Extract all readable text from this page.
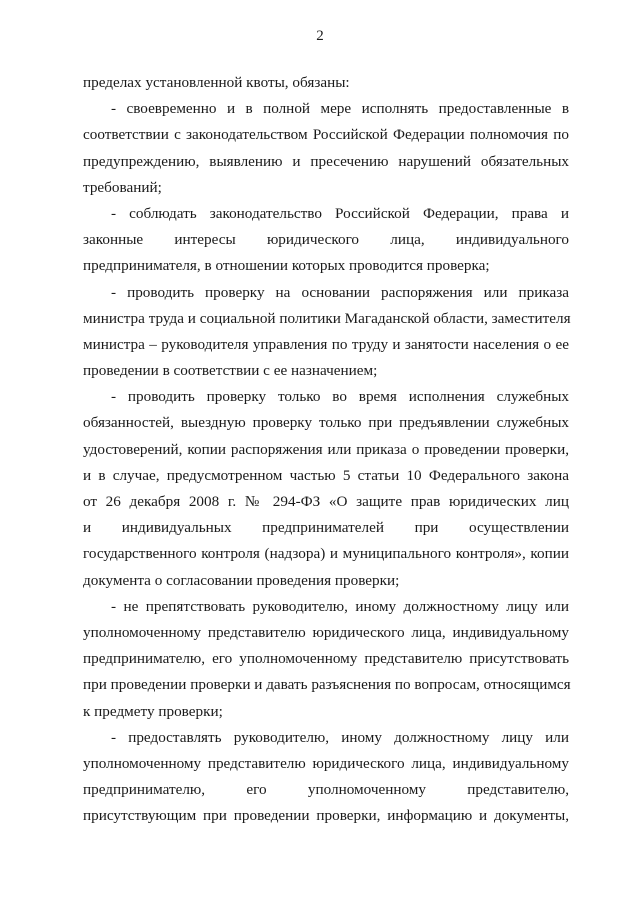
2
пределах установленной квоты, обязаны:
- своевременно и в полной мере исполнять предоставленные в
соответствии с законодательством Российской Федерации полномочия по
предупреждению, выявлению и пресечению нарушений обязательных
требований;
- соблюдать законодательство Российской Федерации, права и
законные интересы юридического лица, индивидуального
предпринимателя, в отношении которых проводится проверка;
- проводить проверку на основании распоряжения или приказа
министра труда и социальной политики Магаданской области, заместителя
министра – руководителя управления по труду и занятости населения о ее
проведении в соответствии с ее назначением;
- проводить проверку только во время исполнения служебных
обязанностей, выездную проверку только при предъявлении служебных
удостоверений, копии распоряжения или приказа о проведении проверки,
и в случае, предусмотренном частью 5 статьи 10 Федерального закона
от 26 декабря 2008 г. № 294-ФЗ «О защите прав юридических лиц
и индивидуальных предпринимателей при осуществлении
государственного контроля (надзора) и муниципального контроля», копии
документа о согласовании проведения проверки;
- не препятствовать руководителю, иному должностному лицу или
уполномоченному представителю юридического лица, индивидуальному
предпринимателю, его уполномоченному представителю присутствовать
при проведении проверки и давать разъяснения по вопросам, относящимся
к предмету проверки;
- предоставлять руководителю, иному должностному лицу или
уполномоченному представителю юридического лица, индивидуальному
предпринимателю, его уполномоченному представителю,
присутствующим при проведении проверки, информацию и документы,
